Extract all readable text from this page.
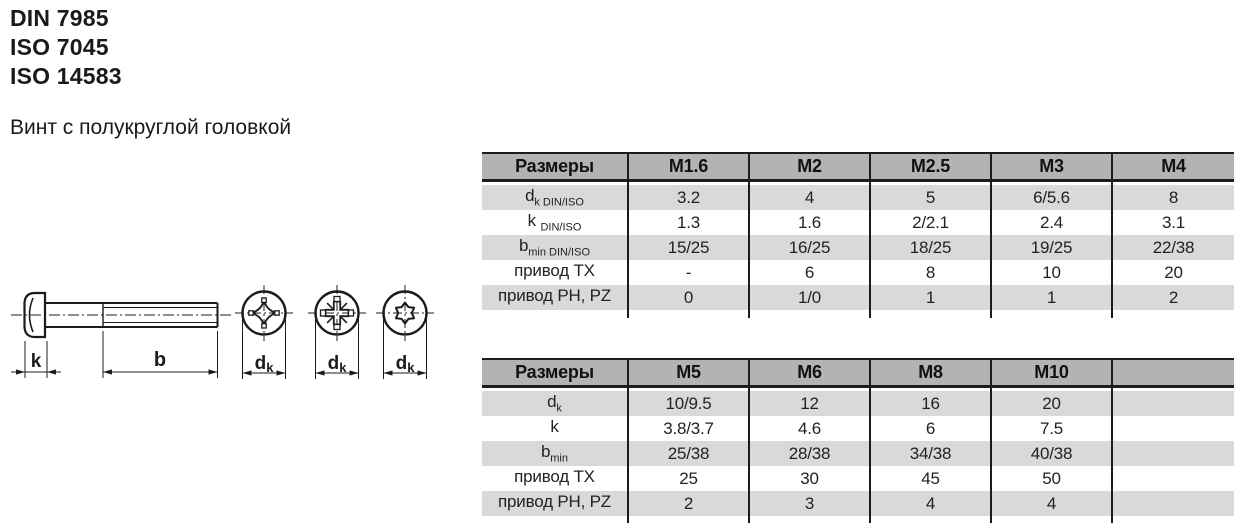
DIN 7985
ISO 7045
ISO 14583
Винт с полукруглой головкой
k	b	dk	dk	dk
Размеры	M1.6	M2	M2.5	M3	M4

$d_{k DIN/ISO}$	3.2	4	5	6/5.6	8
k $_{DIN/ISO}$	1.3	1.6	2/2.1	2.4	3.1
$b_{min DIN/ISO}$	15/25	16/25	18/25	19/25	22/38
привод TX	-	6	8	10	20
привод PH, PZ	0	1/0	1	1	2

Размеры	M5	M6	M8	M10	

$d_k$	10/9.5	12	16	20	
k	3.8/3.7	4.6	6	7.5	
$b_{min}$	25/38	28/38	34/38	40/38	
привод TX	25	30	45	50	
привод PH, PZ	2	3	4	4	
